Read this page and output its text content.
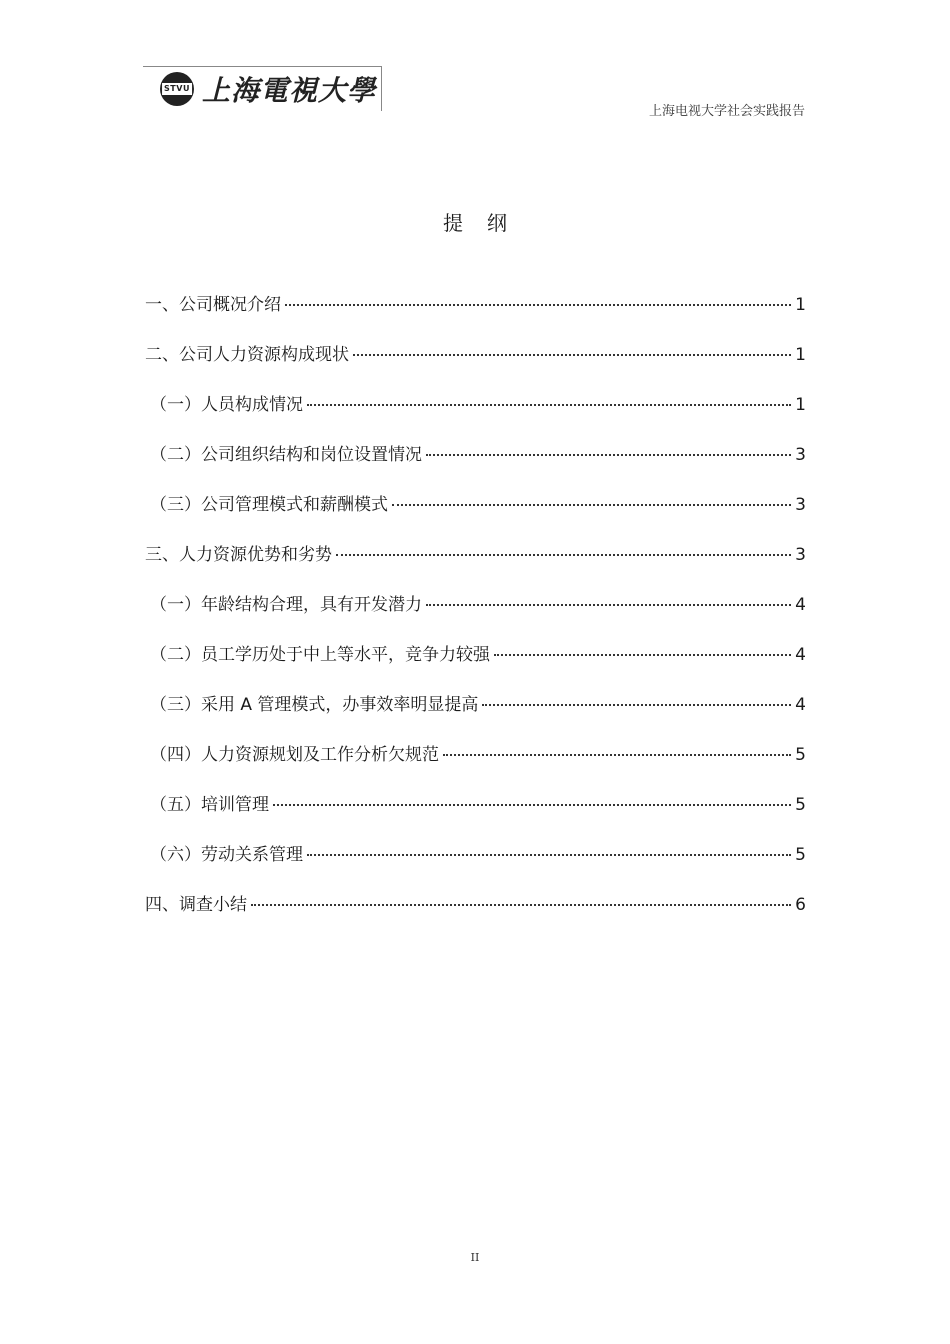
STVU 上海電視大學
上海电视大学社会实践报告
提纲
一、公司概况介绍	1
二、公司人力资源构成现状	1
（一）人员构成情况	1
（二）公司组织结构和岗位设置情况	3
（三）公司管理模式和薪酬模式	3
三、人力资源优势和劣势	3
（一）年龄结构合理，具有开发潜力	4
（二）员工学历处于中上等水平，竞争力较强	4
（三）采用 A 管理模式，办事效率明显提高	4
（四）人力资源规划及工作分析欠规范	5
（五）培训管理	5
（六）劳动关系管理	5
四、调查小结	6
II
